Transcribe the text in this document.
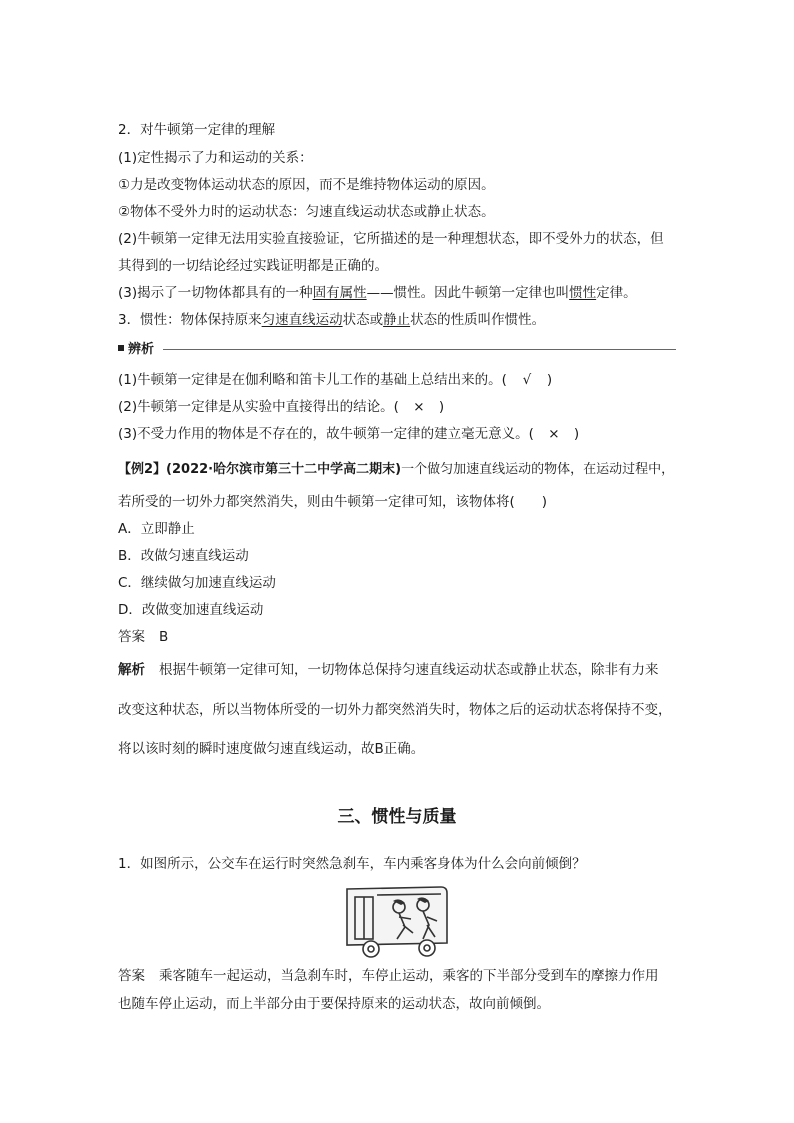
2．对牛顿第一定律的理解
(1)定性揭示了力和运动的关系：
①力是改变物体运动状态的原因，而不是维持物体运动的原因。
②物体不受外力时的运动状态：匀速直线运动状态或静止状态。
(2)牛顿第一定律无法用实验直接验证，它所描述的是一种理想状态，即不受外力的状态，但
其得到的一切结论经过实践证明都是正确的。
(3)揭示了一切物体都具有的一种固有属性——惯性。因此牛顿第一定律也叫惯性定律。
3．惯性：物体保持原来匀速直线运动状态或静止状态的性质叫作惯性。
辨析
(1)牛顿第一定律是在伽利略和笛卡儿工作的基础上总结出来的。( √ )
(2)牛顿第一定律是从实验中直接得出的结论。( × )
(3)不受力作用的物体是不存在的，故牛顿第一定律的建立毫无意义。( × )
【例2】(2022·哈尔滨市第三十二中学高二期末)一个做匀加速直线运动的物体，在运动过程中，
若所受的一切外力都突然消失，则由牛顿第一定律可知，该物体将(　　)
A．立即静止
B．改做匀速直线运动
C．继续做匀加速直线运动
D．改做变加速直线运动
答案 B
解析 根据牛顿第一定律可知，一切物体总保持匀速直线运动状态或静止状态，除非有力来
改变这种状态，所以当物体所受的一切外力都突然消失时，物体之后的运动状态将保持不变，
将以该时刻的瞬时速度做匀速直线运动，故B正确。
三、惯性与质量
1．如图所示，公交车在运行时突然急刹车，车内乘客身体为什么会向前倾倒？
答案 乘客随车一起运动，当急刹车时，车停止运动，乘客的下半部分受到车的摩擦力作用
也随车停止运动，而上半部分由于要保持原来的运动状态，故向前倾倒。
